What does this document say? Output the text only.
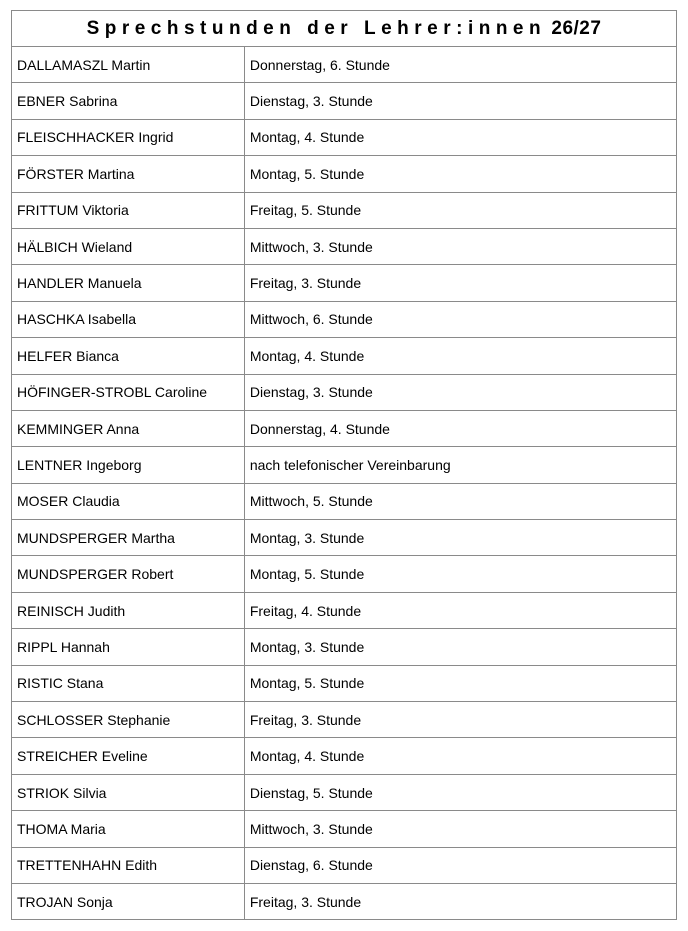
Sprechstunden der Lehrer:innen 26/27	
DALLAMASZL Martin	Donnerstag, 6. Stunde
EBNER Sabrina	Dienstag, 3. Stunde
FLEISCHHACKER Ingrid	Montag, 4. Stunde
FÖRSTER Martina	Montag, 5. Stunde
FRITTUM Viktoria	Freitag, 5. Stunde
HÄLBICH Wieland	Mittwoch, 3. Stunde
HANDLER Manuela	Freitag, 3. Stunde
HASCHKA Isabella	Mittwoch, 6. Stunde
HELFER Bianca	Montag, 4. Stunde
HÖFINGER-STROBL Caroline	Dienstag, 3. Stunde
KEMMINGER Anna	Donnerstag, 4. Stunde
LENTNER Ingeborg	nach telefonischer Vereinbarung
MOSER Claudia	Mittwoch, 5. Stunde
MUNDSPERGER Martha	Montag, 3. Stunde
MUNDSPERGER Robert	Montag, 5. Stunde
REINISCH Judith	Freitag, 4. Stunde
RIPPL Hannah	Montag, 3. Stunde
RISTIC Stana	Montag, 5. Stunde
SCHLOSSER Stephanie	Freitag, 3. Stunde
STREICHER Eveline	Montag, 4. Stunde
STRIOK Silvia	Dienstag, 5. Stunde
THOMA Maria	Mittwoch, 3. Stunde
TRETTENHAHN Edith	Dienstag, 6. Stunde
TROJAN Sonja	Freitag, 3. Stunde
